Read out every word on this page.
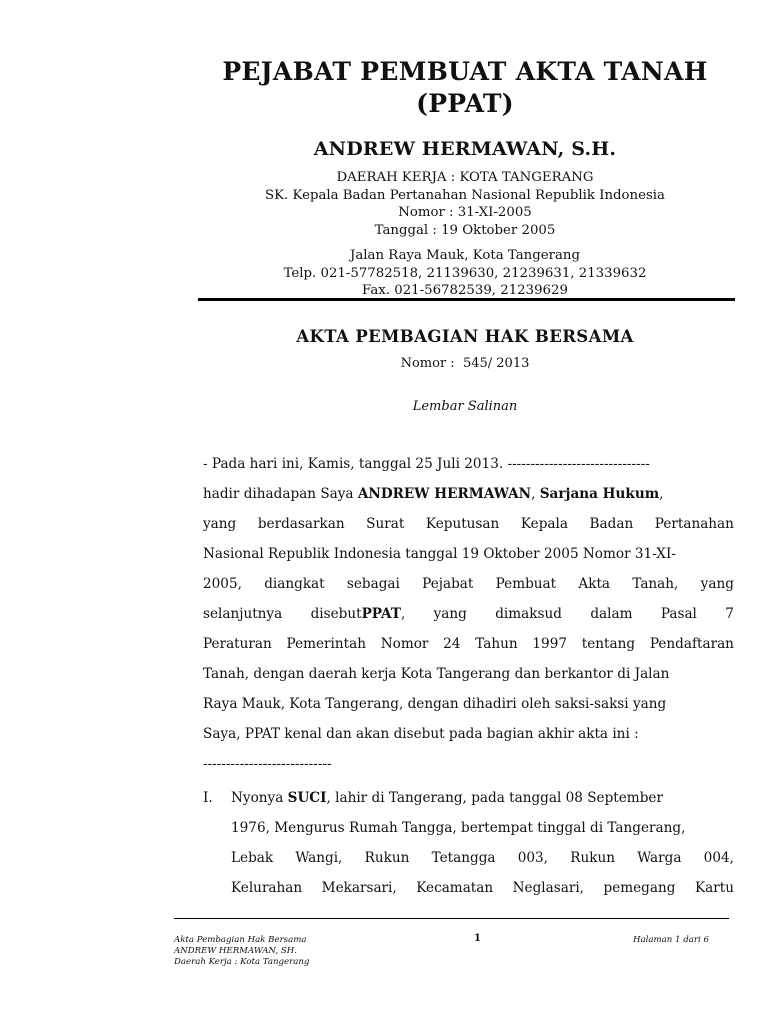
PEJABAT PEMBUAT AKTA TANAH
(PPAT)
ANDREW HERMAWAN, S.H.
DAERAH KERJA : KOTA TANGERANG
SK. Kepala Badan Pertanahan Nasional Republik Indonesia
Nomor : 31-XI-2005
Tanggal : 19 Oktober 2005
Jalan Raya Mauk, Kota Tangerang
Telp. 021-57782518, 21139630, 21239631, 21339632
Fax. 021-56782539, 21239629
AKTA PEMBAGIAN HAK BERSAMA
Nomor :  545/ 2013
Lembar Salinan
- Pada hari ini, Kamis, tanggal 25 Juli 2013. -------------------------------
hadir dihadapan Saya ANDREW HERMAWAN, Sarjana Hukum,
yang berdasarkan Surat Keputusan Kepala Badan Pertanahan
Nasional Republik Indonesia tanggal 19 Oktober 2005 Nomor 31-XI-
2005, diangkat sebagai Pejabat Pembuat Akta Tanah, yang
selanjutnya disebutPPAT, yang dimaksud dalam Pasal 7
Peraturan Pemerintah Nomor 24 Tahun 1997 tentang Pendaftaran
Tanah, dengan daerah kerja Kota Tangerang dan berkantor di Jalan
Raya Mauk, Kota Tangerang, dengan dihadiri oleh saksi-saksi yang
Saya, PPAT kenal dan akan disebut pada bagian akhir akta ini :
----------------------------
I. Nyonya SUCI, lahir di Tangerang, pada tanggal 08 September
1976, Mengurus Rumah Tangga, bertempat tinggal di Tangerang,
Lebak Wangi, Rukun Tetangga 003, Rukun Warga 004,
Kelurahan Mekarsari, Kecamatan Neglasari, pemegang Kartu
Akta Pembagian Hak Bersama
ANDREW HERMAWAN, SH.
Daerah Kerja : Kota Tangerang
1	Halaman 1 dari 6
